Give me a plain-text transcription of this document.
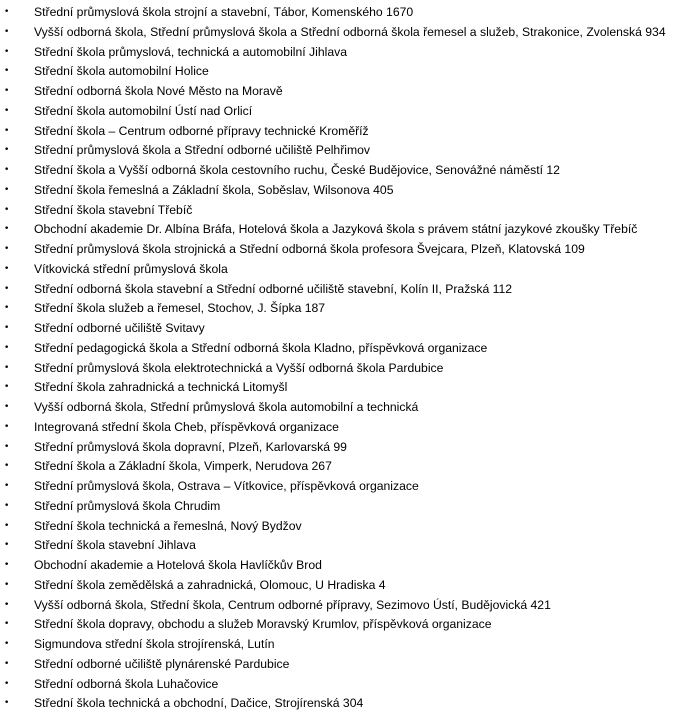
•	Střední průmyslová škola strojní a stavební, Tábor, Komenského 1670
•	Vyšší odborná škola, Střední průmyslová škola a Střední odborná škola řemesel a služeb, Strakonice, Zvolenská 934
•	Střední škola průmyslová, technická a automobilní Jihlava
•	Střední škola automobilní Holice
•	Střední odborná škola Nové Město na Moravě
•	Střední škola automobilní Ústí nad Orlicí
•	Střední škola – Centrum odborné přípravy technické Kroměříž
•	Střední průmyslová škola a Střední odborné učiliště Pelhřimov
•	Střední škola a Vyšší odborná škola cestovního ruchu, České Budějovice, Senovážné náměstí 12
•	Střední škola řemeslná a Základní škola, Soběslav, Wilsonova 405
•	Střední škola stavební Třebíč
•	Obchodní akademie Dr. Albína Bráfa, Hotelová škola a Jazyková škola s právem státní jazykové zkoušky Třebíč
•	Střední průmyslová škola strojnická a Střední odborná škola profesora Švejcara, Plzeň, Klatovská 109
•	Vítkovická střední průmyslová škola
•	Střední odborná škola stavební a Střední odborné učiliště stavební, Kolín II, Pražská 112
•	Střední škola služeb a řemesel, Stochov, J. Šípka 187
•	Střední odborné učiliště Svitavy
•	Střední pedagogická škola a Střední odborná škola Kladno, příspěvková organizace
•	Střední průmyslová škola elektrotechnická a Vyšší odborná škola Pardubice
•	Střední škola zahradnická a technická Litomyšl
•	Vyšší odborná škola, Střední průmyslová škola automobilní a technická
•	Integrovaná střední škola Cheb, příspěvková organizace
•	Střední průmyslová škola dopravní, Plzeň, Karlovarská 99
•	Střední škola a Základní škola, Vimperk, Nerudova 267
•	Střední průmyslová škola, Ostrava – Vítkovice, příspěvková organizace
•	Střední průmyslová škola Chrudim
•	Střední škola technická a řemeslná, Nový Bydžov
•	Střední škola stavební Jihlava
•	Obchodní akademie a Hotelová škola Havlíčkův Brod
•	Střední škola zemědělská a zahradnická, Olomouc, U Hradiska 4
•	Vyšší odborná škola, Střední škola, Centrum odborné přípravy, Sezimovo Ústí, Budějovická 421
•	Střední škola dopravy, obchodu a služeb Moravský Krumlov, příspěvková organizace
•	Sigmundova střední škola strojírenská, Lutín
•	Střední odborné učiliště plynárenské Pardubice
•	Střední odborná škola Luhačovice
•	Střední škola technická a obchodní, Dačice, Strojírenská 304
